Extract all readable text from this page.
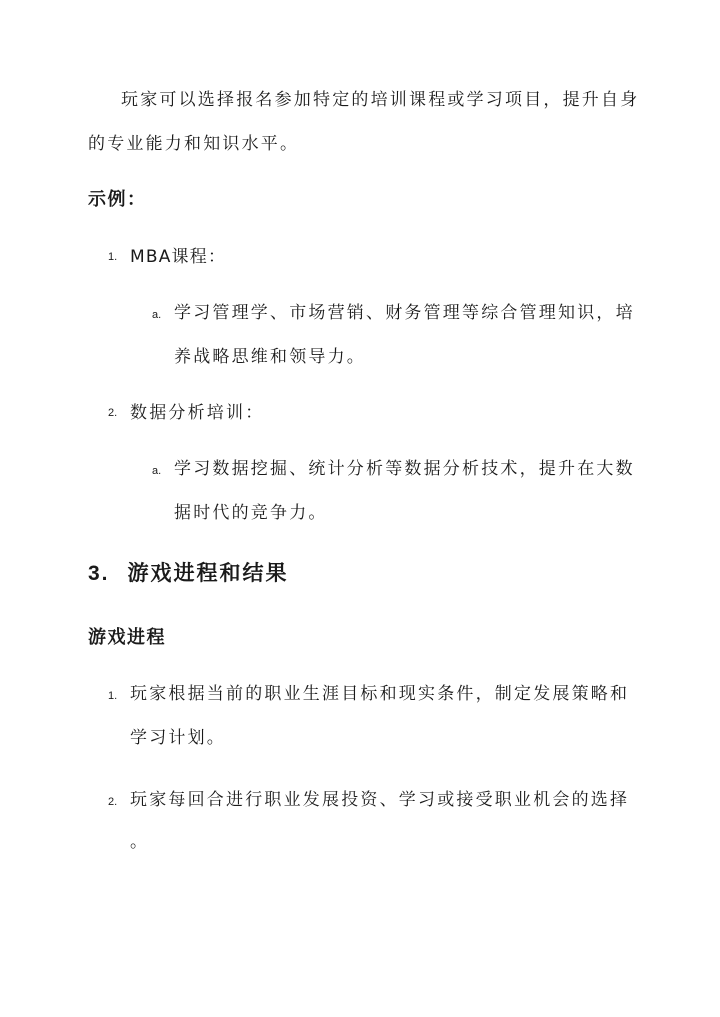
玩家可以选择报名参加特定的培训课程或学习项目，提升自身
的专业能力和知识水平。
示例：
1. MBA课程：
a. 学习管理学、市场营销、财务管理等综合管理知识，培
养战略思维和领导力。
2. 数据分析培训：
a. 学习数据挖掘、统计分析等数据分析技术，提升在大数
据时代的竞争力。
3. 游戏进程和结果
游戏进程
1. 玩家根据当前的职业生涯目标和现实条件，制定发展策略和
学习计划。
2. 玩家每回合进行职业发展投资、学习或接受职业机会的选择
。
